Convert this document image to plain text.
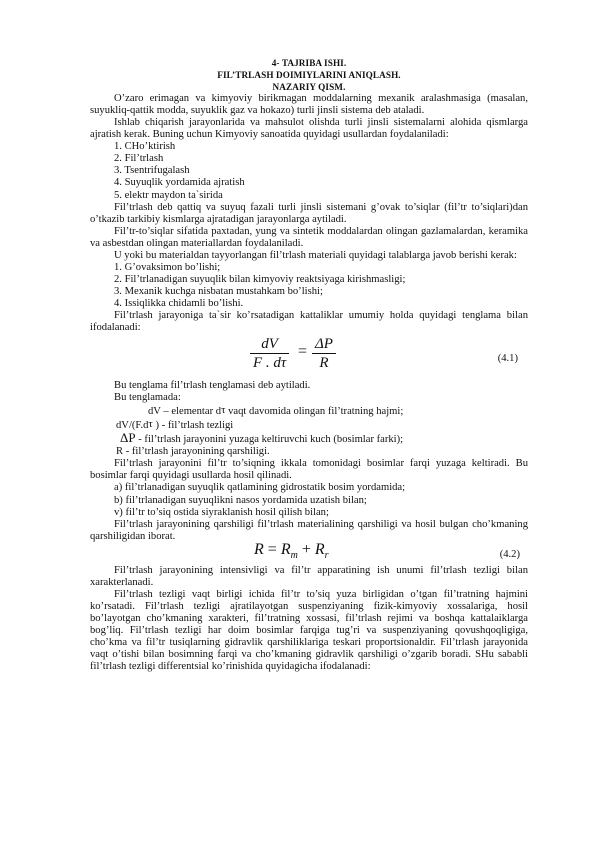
4- TAJRIBA ISHI.
FIL’TRLASH DOIMIYLARINI ANIQLASH.
NAZARIY QISM.

O’zaro erimagan va kimyoviy birikmagan moddalarning mexanik aralashmasiga (masalan, suyukliq-qattik modda, suyuklik gaz va hokazo) turli jinsli sistema deb ataladi.

Ishlab chiqarish jarayonlarida va mahsulot olishda turli jinsli sistemalarni alohida qismlarga ajratish kerak. Buning uchun Kimyoviy sanoatida quyidagi usullardan foydalaniladi:

1. CHo’ktirish

2. Fil’trlash

3. Tsentrifugalash

4. Suyuqlik yordamida ajratish

5. elektr maydon ta`sirida

Fil’trlash deb qattiq va suyuq fazali turli jinsli sistemani g’ovak to’siqlar (fil’tr to’siqlari)dan o’tkazib tarkibiy kismlarga ajratadigan jarayonlarga aytiladi.

Fil’tr-to’siqlar sifatida paxtadan, yung va sintetik moddalardan olingan gazlamalardan, keramika va asbestdan olingan materiallardan foydalaniladi.

U yoki bu materialdan tayyorlangan fil’trlash materiali quyidagi talablarga javob berishi kerak:

1. G’ovaksimon bo’lishi;

2. Fil’trlanadigan suyuqlik bilan kimyoviy reaktsiyaga kirishmasligi;

3. Mexanik kuchga nisbatan mustahkam bo’lishi;

4. Issiqlikka chidamli bo’lishi.

Fil’trlash jarayoniga ta`sir ko’rsatadigan kattaliklar umumiy holda quyidagi tenglama bilan ifodalanadi:

$\frac{dV}{F . d\tau} = \frac{\Delta P}{R}$	(4.1)

Bu tenglama fil’trlash tenglamasi deb aytiladi.

Bu tenglamada:

dV – elementar dτ vaqt davomida olingan fil’tratning hajmi;

dV/(F.dτ ) - fil’trlash tezligi

ΔP - fil’trlash jarayonini yuzaga keltiruvchi kuch (bosimlar farki);

R - fil’trlash jarayonining qarshiligi.

Fil’trlash jarayonini fil’tr to’siqning ikkala tomonidagi bosimlar farqi yuzaga keltiradi. Bu bosimlar farqi quyidagi usullarda hosil qilinadi.

a) fil’trlanadigan suyuqlik qatlamining gidrostatik bosim yordamida;

b) fil’trlanadigan suyuqlikni nasos yordamida uzatish bilan;

v) fil’tr to’siq ostida siyraklanish hosil qilish bilan;

Fil’trlash jarayonining qarshiligi fil’trlash materialining qarshiligi va hosil bulgan cho’kmaning qarshiligidan iborat.

$R = R_m + R_r$	(4.2)

Fil’trlash jarayonining intensivligi va fil’tr apparatining ish unumi fil’trlash tezligi bilan xarakterlanadi.

Fil’trlash tezligi vaqt birligi ichida fil’tr to’siq yuza birligidan o’tgan fil’tratning hajmini ko’rsatadi. Fil’trlash tezligi ajratilayotgan suspenziyaning fizik-kimyoviy xossalariga, hosil bo’layotgan cho’kmaning xarakteri, fil’tratning xossasi, fil’trlash rejimi va boshqa kattalaiklarga bog’liq. Fil’trlash tezligi har doim bosimlar farqiga tug’ri va suspenziyaning qovushqoqligiga, cho’kma va fil’tr tusiqlarning gidravlik qarshiliklariga teskari proportsionaldir. Fil’trlash jarayonida vaqt o’tishi bilan bosimning farqi va cho’kmaning gidravlik qarshiligi o’zgarib boradi. SHu sababli fil’trlash tezligi differentsial ko’rinishida quyidagicha ifodalanadi:
